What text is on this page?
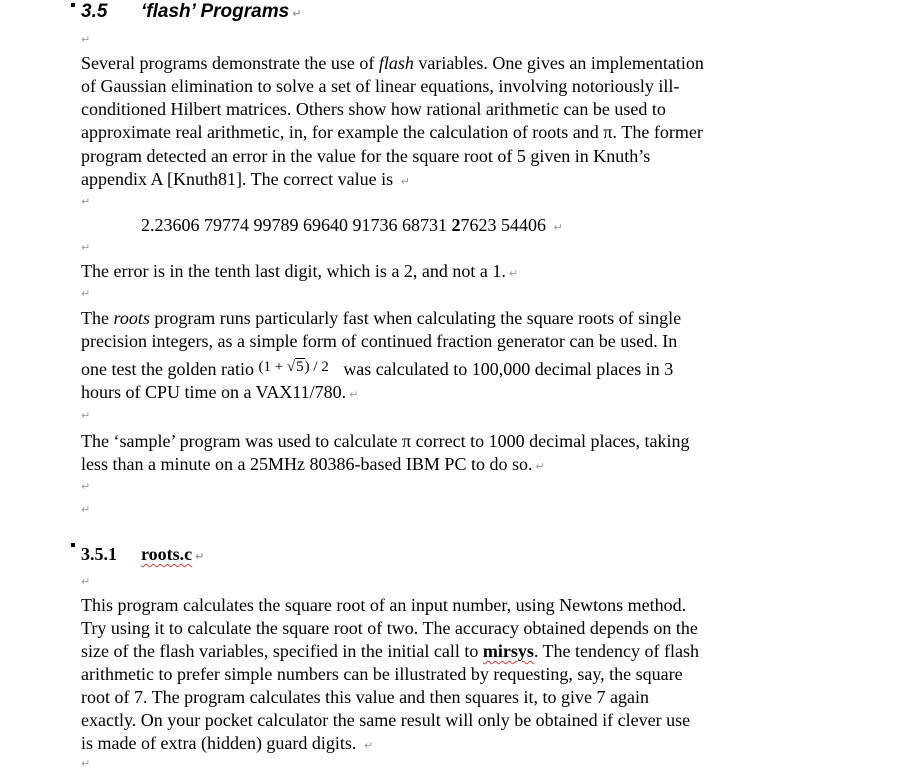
3.5 ‘flash’ Programs ↵
↵
Several programs demonstrate the use of flash variables. One gives an implementation
of Gaussian elimination to solve a set of linear equations, involving notoriously ill-
conditioned Hilbert matrices. Others show how rational arithmetic can be used to
approximate real arithmetic, in, for example the calculation of roots and π. The former
program detected an error in the value for the square root of 5 given in Knuth’s
appendix A [Knuth81]. The correct value is ↵
↵
2.23606 79774 99789 69640 91736 68731 27623 54406 ↵
↵
The error is in the tenth last digit, which is a 2, and not a 1. ↵
↵
The roots program runs particularly fast when calculating the square roots of single
precision integers, as a simple form of continued fraction generator can be used. In
one test the golden ratio $^{(1 + √5) / 2}$ was calculated to 100,000 decimal places in 3
hours of CPU time on a VAX11/780. ↵
↵
The ‘sample’ program was used to calculate π correct to 1000 decimal places, taking
less than a minute on a 25MHz 80386-based IBM PC to do so. ↵
↵
↵
3.5.1 roots.c ↵
↵
This program calculates the square root of an input number, using Newtons method.
Try using it to calculate the square root of two. The accuracy obtained depends on the
size of the flash variables, specified in the initial call to mirsys. The tendency of flash
arithmetic to prefer simple numbers can be illustrated by requesting, say, the square
root of 7. The program calculates this value and then squares it, to give 7 again
exactly. On your pocket calculator the same result will only be obtained if clever use
is made of extra (hidden) guard digits. ↵
↵
